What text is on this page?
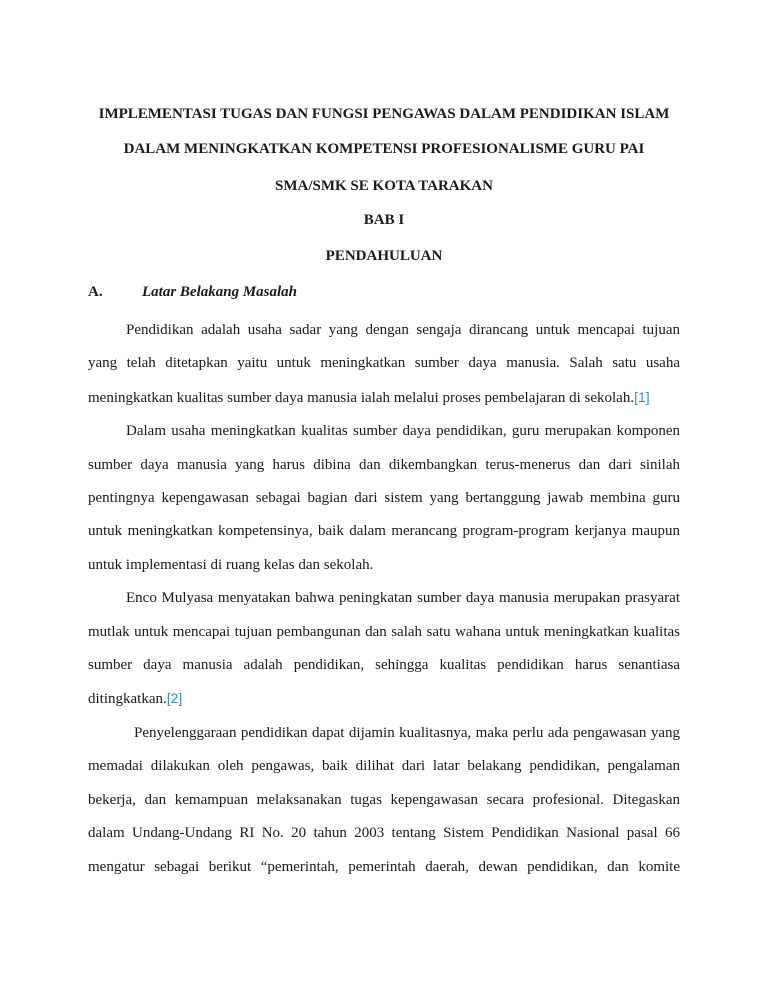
IMPLEMENTASI TUGAS DAN FUNGSI PENGAWAS DALAM PENDIDIKAN ISLAM

DALAM MENINGKATKAN KOMPETENSI PROFESIONALISME GURU PAI

SMA/SMK SE KOTA TARAKAN

BAB I

PENDAHULUAN

A.	Latar Belakang Masalah

Pendidikan adalah usaha sadar yang dengan sengaja dirancang untuk mencapai tujuan
yang telah ditetapkan yaitu untuk meningkatkan sumber daya manusia. Salah satu usaha
meningkatkan kualitas sumber daya manusia ialah melalui proses pembelajaran di sekolah.[1]

Dalam usaha meningkatkan kualitas sumber daya pendidikan, guru merupakan komponen
sumber daya manusia yang harus dibina dan dikembangkan terus-menerus dan dari sinilah
pentingnya kepengawasan sebagai bagian dari sistem yang bertanggung jawab membina guru
untuk meningkatkan kompetensinya, baik dalam merancang program-program kerjanya maupun
untuk implementasi di ruang kelas dan sekolah.

Enco Mulyasa menyatakan bahwa peningkatan sumber daya manusia merupakan prasyarat
mutlak untuk mencapai tujuan pembangunan dan salah satu wahana untuk meningkatkan kualitas
sumber daya manusia adalah pendidikan, sehingga kualitas pendidikan harus senantiasa
ditingkatkan.[2]

Penyelenggaraan pendidikan dapat dijamin kualitasnya, maka perlu ada pengawasan yang
memadai dilakukan oleh pengawas, baik dilihat dari latar belakang pendidikan, pengalaman
bekerja, dan kemampuan melaksanakan tugas kepengawasan secara profesional. Ditegaskan
dalam Undang-Undang RI No. 20 tahun 2003 tentang Sistem Pendidikan Nasional pasal 66
mengatur sebagai berikut “pemerintah, pemerintah daerah, dewan pendidikan, dan komite
